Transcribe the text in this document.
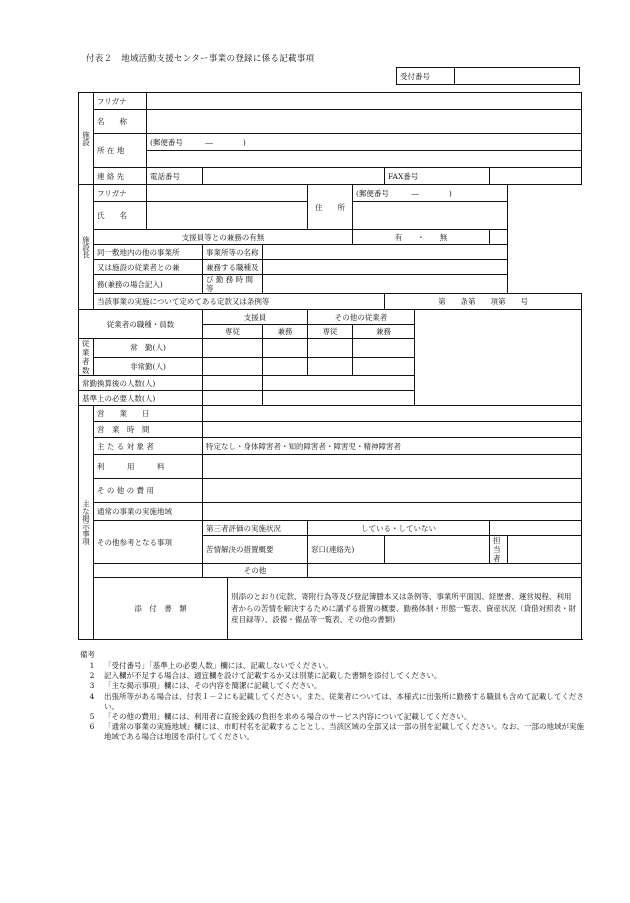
付表２　地域活動支援センター事業の登録に係る記載事項
受付番号	
施設	フリガナ										
	名　　称										
	所 在 地	(郵便番号　　　―　　　　)									

	連 絡 先	電話番号						FAX番号			
施設長	フリガナ					住　　所	(郵便番号　　　―　　　　)				
	氏　　名										
	支援員等との兼務の有無						有　　・　　無				
	同一敷地内の他の事業所		事業所等の名称								
	又は施設の従業者との兼		兼務する職種及								
	務(兼務の場合記入)		び 勤 務 時 間 等								
	当該事業の実施について定めてある定款又は条例等							第　　条第　　項第　　号			
従業者の職種・員数			支援員			その他の従業者					
			専従		兼務	専従	兼務				
従業者数	常　勤(人)										
	非常勤(人)										
常勤換算後の人数(人)											
基準上の必要人数(人)											
主な掲示事項	営　　業　　日										
	営　業　時　間										
	主 た る 対 象 者		特定なし・身体障害者・知的障害者・障害児・精神障害者								
	利　　　用　　　料										
	そ の 他 の 費 用										
	通常の事業の実施地域										
	その他参考となる事項		第三者評価の実施状況			している・していない					
			苦情解決の措置概要			窓口(連絡先)				担 当 者	
			その他								
	添　付　書　類			別添のとおり(定款、寄附行為等及び登記簿謄本又は条例等、事業所平面図、経歴書、運営規程、利用者からの苦情を解決するために講ずる措置の概要、勤務体制・形態一覧表、資産状況（貸借対照表・財産目録等）、設備・備品等一覧表、その他の書類)							
備考
1	「受付番号」「基準上の必要人数」欄には、記載しないでください。
2	記入欄が不足する場合は、適宜欄を設けて記載するか又は別葉に記載した書類を添付してください。
3	「主な掲示事項」欄には、その内容を簡潔に記載してください。
4	出張所等がある場合は、付表１－２にも記載してください。また、従業者については、本様式に出張所に勤務する職員も含めて記載してください。
5	「その他の費用」欄には、利用者に直接金銭の負担を求める場合のサービス内容について記載してください。
6	「通常の事業の実施地域」欄には、市町村名を記載することとし、当該区域の全部又は一部の別を記載してください。なお、一部の地域が実施地域である場合は地図を添付してください。
